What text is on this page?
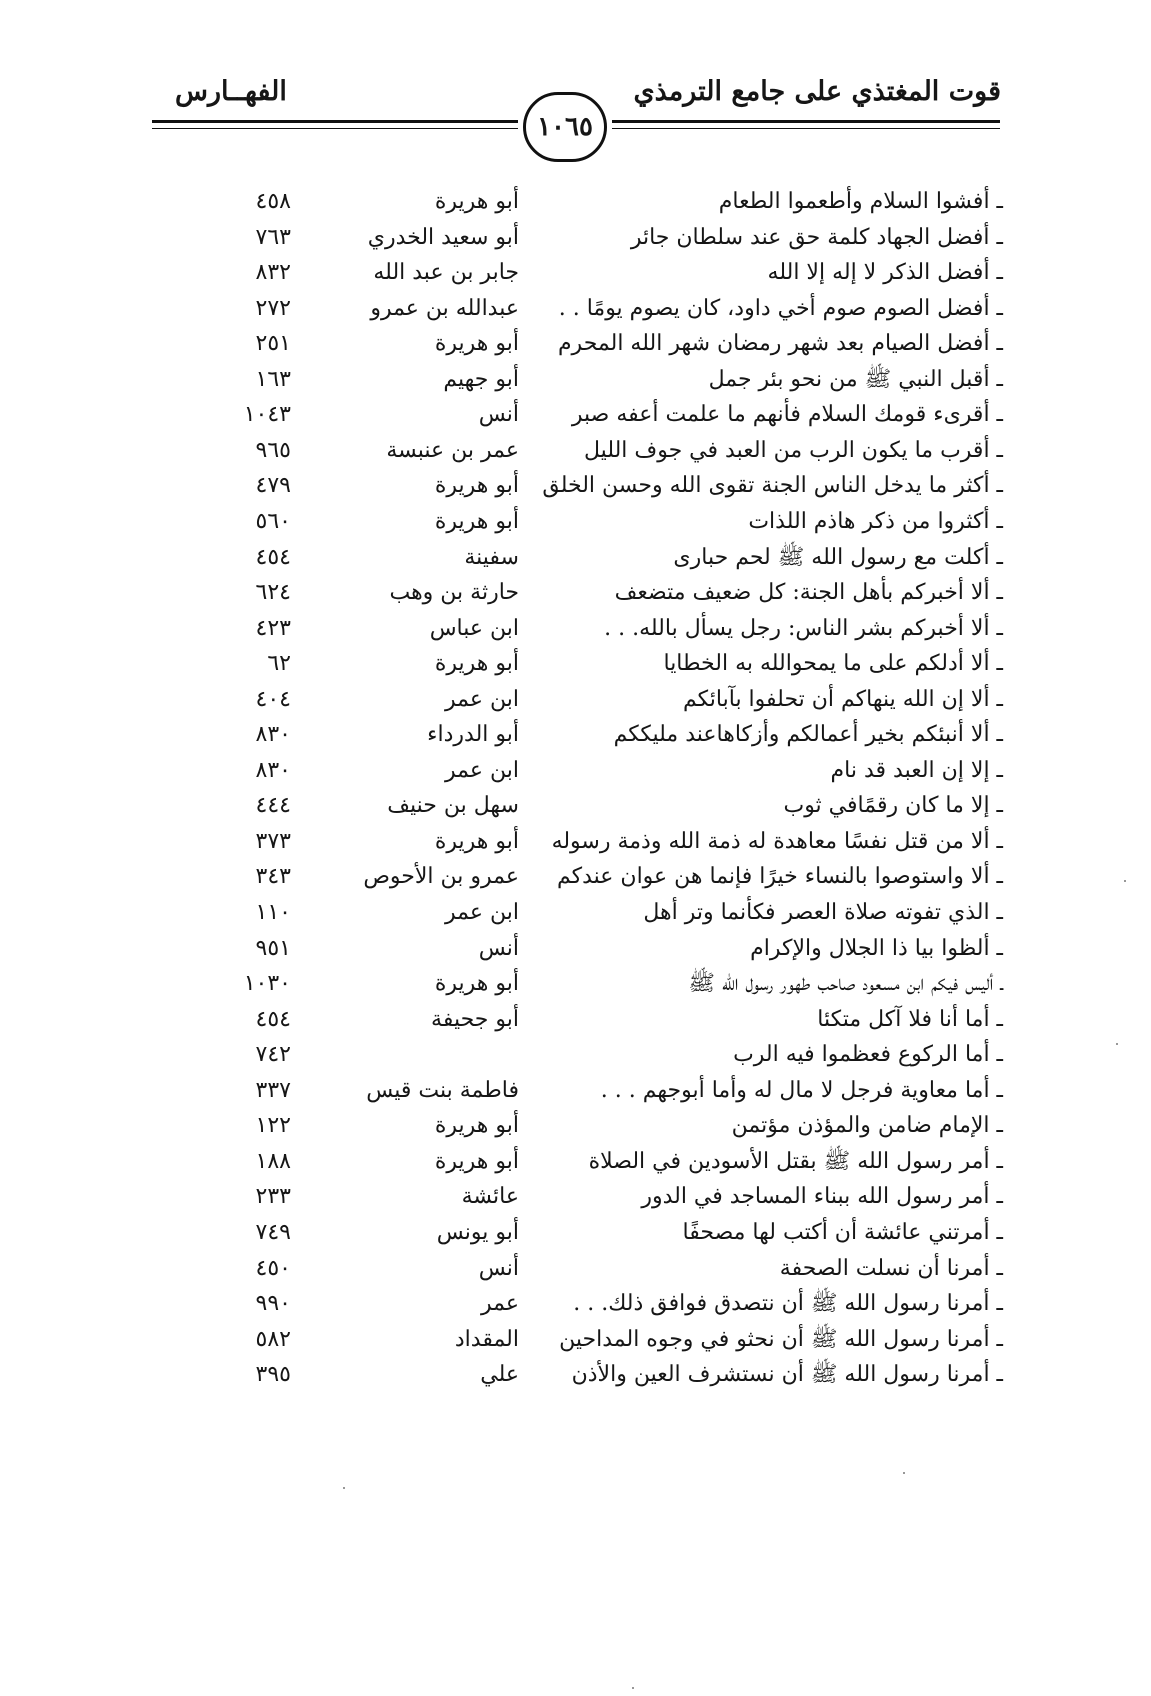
قوت المغتذي على جامع الترمذي
الفهــارس
١٠٦٥
ـ أفشوا السلام وأطعموا الطعام
أبو هريرة
٤٥٨
ـ أفضل الجهاد كلمة حق عند سلطان جائر
أبو سعيد الخدري
٧٦٣
ـ أفضل الذكر لا إله إلا الله
جابر بن عبد الله
٨٣٢
ـ أفضل الصوم صوم أخي داود، كان يصوم يومًا . .
عبدالله بن عمرو
٢٧٢
ـ أفضل الصيام بعد شهر رمضان شهر الله المحرم
أبو هريرة
٢٥١
ـ أقبل النبي ﷺ من نحو بئر جمل
أبو جهيم
١٦٣
ـ أقرىء قومك السلام فأنهم ما علمت أعفه صبر
أنس
١٠٤٣
ـ أقرب ما يكون الرب من العبد في جوف الليل
عمر بن عنبسة
٩٦٥
ـ أكثر ما يدخل الناس الجنة تقوى الله وحسن الخلق
أبو هريرة
٤٧٩
ـ أكثروا من ذكر هاذم اللذات
أبو هريرة
٥٦٠
ـ أكلت مع رسول الله ﷺ لحم حبارى
سفينة
٤٥٤
ـ ألا أخبركم بأهل الجنة: كل ضعيف متضعف
حارثة بن وهب
٦٢٤
ـ ألا أخبركم بشر الناس: رجل يسأل بالله. . .
ابن عباس
٤٢٣
ـ ألا أدلكم على ما يمحوالله به الخطايا
أبو هريرة
٦٢
ـ ألا إن الله ينهاكم أن تحلفوا بآبائكم
ابن عمر
٤٠٤
ـ ألا أنبئكم بخير أعمالكم وأزكاهاعند مليككم
أبو الدرداء
٨٣٠
ـ إلا إن العبد قد نام
ابن عمر
٨٣٠
ـ إلا ما كان رقمًافي ثوب
سهل بن حنيف
٤٤٤
ـ ألا من قتل نفسًا معاهدة له ذمة الله وذمة رسوله
أبو هريرة
٣٧٣
ـ ألا واستوصوا بالنساء خيرًا فإنما هن عوان عندكم
عمرو بن الأحوص
٣٤٣
ـ الذي تفوته صلاة العصر فكأنما وتر أهل
ابن عمر
١١٠
ـ ألظوا بيا ذا الجلال والإكرام
أنس
٩٥١
ـ أليس فيكم ابن مسعود صاحب طهور رسول الله ﷺ
أبو هريرة
١٠٣٠
ـ أما أنا فلا آكل متكئا
أبو جحيفة
٤٥٤
ـ أما الركوع فعظموا فيه الرب
٧٤٢
ـ أما معاوية فرجل لا مال له وأما أبوجهم . . .
فاطمة بنت قيس
٣٣٧
ـ الإمام ضامن والمؤذن مؤتمن
أبو هريرة
١٢٢
ـ أمر رسول الله ﷺ بقتل الأسودين في الصلاة
أبو هريرة
١٨٨
ـ أمر رسول الله ببناء المساجد في الدور
عائشة
٢٣٣
ـ أمرتني عائشة أن أكتب لها مصحفًا
أبو يونس
٧٤٩
ـ أمرنا أن نسلت الصحفة
أنس
٤٥٠
ـ أمرنا رسول الله ﷺ أن نتصدق فوافق ذلك. . .
عمر
٩٩٠
ـ أمرنا رسول الله ﷺ أن نحثو في وجوه المداحين
المقداد
٥٨٢
ـ أمرنا رسول الله ﷺ أن نستشرف العين والأذن
علي
٣٩٥
